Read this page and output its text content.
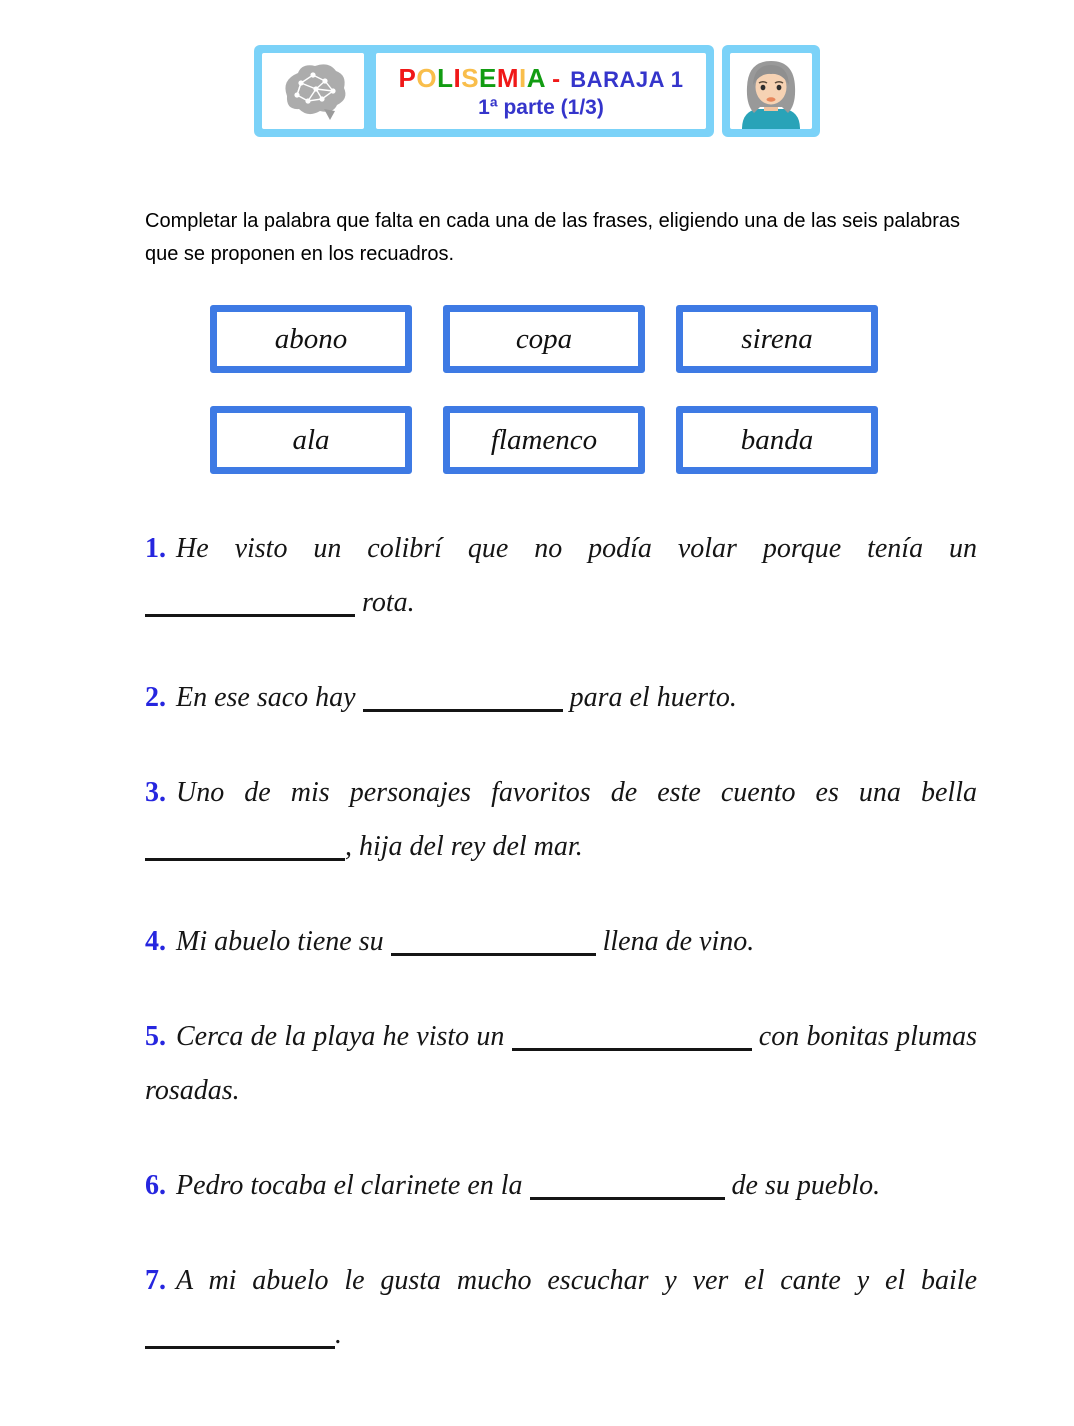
POLISEMIA - BARAJA 1
1ª parte (1/3)

Completar la palabra que falta en cada una de las frases, eligiendo una de las seis palabras que se proponen en los recuadros.

abono	copa	sirena
ala	flamenco	banda

1. He visto un colibrí que no podía volar porque tenía un  rota.

2. En ese saco hay	para el huerto.

3. Uno de mis personajes favoritos de este cuento es una bella , hija del rey del mar.

4. Mi abuelo tiene su	llena de vino.

5. Cerca de la playa he visto un	con bonitas plumas rosadas.

6. Pedro tocaba el clarinete en la	de su pueblo.

7. A mi abuelo le gusta mucho escuchar y ver el cante y el baile .
